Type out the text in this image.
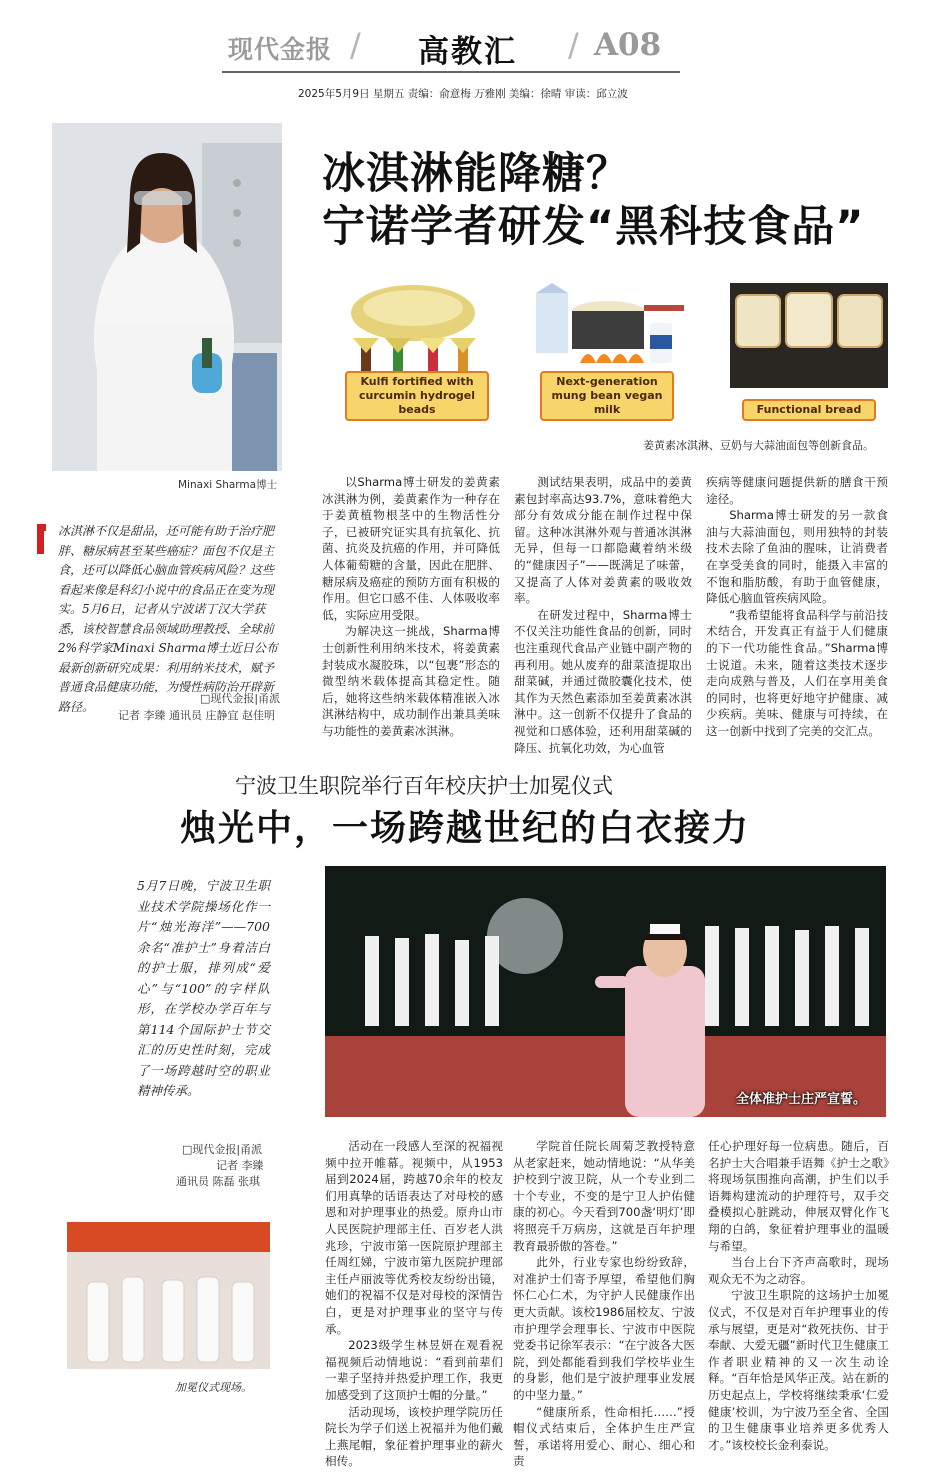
现代金报 / 高教汇 / A08
2025年5月9日 星期五 责编：俞意梅 万雅刚 美编：徐晴 审读：邱立波
Minaxi Sharma博士
冰淇淋能降糖？
宁诺学者研发“黑科技食品”
Kulfi fortified with curcumin hydrogel beads
Next-generation mung bean vegan milk	Functional bread
姜黄素冰淇淋、豆奶与大蒜油面包等创新食品。
冰淇淋不仅是甜品，还可能有助于治疗肥胖、糖尿病甚至某些癌症？面包不仅是主食，还可以降低心脑血管疾病风险？这些看起来像是科幻小说中的食品正在变为现实。5月6日，记者从宁波诺丁汉大学获悉，该校智慧食品领域助理教授、全球前2%科学家Minaxi Sharma博士近日公布最新创新研究成果：利用纳米技术，赋予普通食品健康功能，为慢性病防治开辟新路径。
□现代金报|甬派
记者 李臻 通讯员 庄静宜 赵佳明

以Sharma博士研发的姜黄素冰淇淋为例，姜黄素作为一种存在于姜黄植物根茎中的生物活性分子，已被研究证实具有抗氧化、抗菌、抗炎及抗癌的作用，并可降低人体葡萄糖的含量，因此在肥胖、糖尿病及癌症的预防方面有积极的作用。但它口感不佳、人体吸收率低，实际应用受限。

为解决这一挑战，Sharma博士创新性利用纳米技术，将姜黄素封装成水凝胶珠，以“包裹”形态的微型纳米载体提高其稳定性。随后，她将这些纳米载体精准嵌入冰淇淋结构中，成功制作出兼具美味与功能性的姜黄素冰淇淋。

测试结果表明，成品中的姜黄素包封率高达93.7%，意味着绝大部分有效成分能在制作过程中保留。这种冰淇淋外观与普通冰淇淋无异，但每一口都隐藏着纳米级的“健康因子”——既满足了味蕾，又提高了人体对姜黄素的吸收效率。

在研发过程中，Sharma博士不仅关注功能性食品的创新，同时也注重现代食品产业链中副产物的再利用。她从废弃的甜菜渣提取出甜菜碱，并通过微胶囊化技术，使其作为天然色素添加至姜黄素冰淇淋中。这一创新不仅提升了食品的视觉和口感体验，还利用甜菜碱的降压、抗氧化功效，为心血管

疾病等健康问题提供新的膳食干预途径。

Sharma博士研发的另一款食油与大蒜油面包，则用独特的封装技术去除了鱼油的腥味，让消费者在享受美食的同时，能摄入丰富的不饱和脂肪酸，有助于血管健康，降低心脑血管疾病风险。

“我希望能将食品科学与前沿技术结合，开发真正有益于人们健康的下一代功能性食品。”Sharma博士说道。未来，随着这类技术逐步走向成熟与普及，人们在享用美食的同时，也将更好地守护健康、减少疾病。美味、健康与可持续，在这一创新中找到了完美的交汇点。

宁波卫生职院举行百年校庆护士加冕仪式
烛光中，一场跨越世纪的白衣接力
5月7日晚，宁波卫生职业技术学院操场化作一片“烛光海洋”——700余名“准护士”身着洁白的护士服，排列成“爱心”与“100”的字样队形，在学校办学百年与第114个国际护士节交汇的历史性时刻，完成了一场跨越时空的职业精神传承。
□现代金报|甬派
记者 李臻
通讯员 陈磊 张琪
全体准护士庄严宣誓。
加冕仪式现场。

活动在一段感人至深的祝福视频中拉开帷幕。视频中，从1953届到2024届，跨越70余年的校友们用真挚的话语表达了对母校的感恩和对护理事业的热爱。原舟山市人民医院护理部主任、百岁老人洪兆珍，宁波市第一医院原护理部主任周红娣，宁波市第九医院护理部主任卢丽波等优秀校友纷纷出镜，她们的祝福不仅是对母校的深情告白，更是对护理事业的坚守与传承。

2023级学生林昱妍在观看祝福视频后动情地说：“看到前辈们一辈子坚持并热爱护理工作，我更加感受到了这顶护士帽的分量。”

活动现场，该校护理学院历任院长为学子们送上祝福并为他们戴上燕尾帽，象征着护理事业的薪火相传。

学院首任院长周菊芝教授特意从老家赶来，她动情地说：“从华美护校到宁波卫院，从一个专业到二十个专业，不变的是宁卫人护佑健康的初心。今天看到700盏‘明灯’即将照亮千万病房，这就是百年护理教育最骄傲的答卷。”

此外，行业专家也纷纷致辞，对准护士们寄予厚望，希望他们胸怀仁心仁术，为守护人民健康作出更大贡献。该校1986届校友、宁波市护理学会理事长、宁波市中医院党委书记徐军表示：“在宁波各大医院，到处都能看到我们学校毕业生的身影，他们是宁波护理事业发展的中坚力量。”

“健康所系，性命相托……”授帽仪式结束后，全体护生庄严宣誓，承诺将用爱心、耐心、细心和责

任心护理好每一位病患。随后，百名护士大合唱兼手语舞《护士之歌》将现场氛围推向高潮，护生们以手语舞构建流动的护理符号，双手交叠模拟心脏跳动，伸展双臂化作飞翔的白鸽，象征着护理事业的温暖与希望。

当台上台下齐声高歌时，现场观众无不为之动容。

宁波卫生职院的这场护士加冕仪式，不仅是对百年护理事业的传承与展望，更是对“救死扶伤、甘于奉献、大爱无疆”新时代卫生健康工作者职业精神的又一次生动诠释。“百年恰是风华正茂。站在新的历史起点上，学校将继续秉承‘仁爱 健康’校训，为宁波乃至全省、全国的卫生健康事业培养更多优秀人才。”该校校长金利泰说。
